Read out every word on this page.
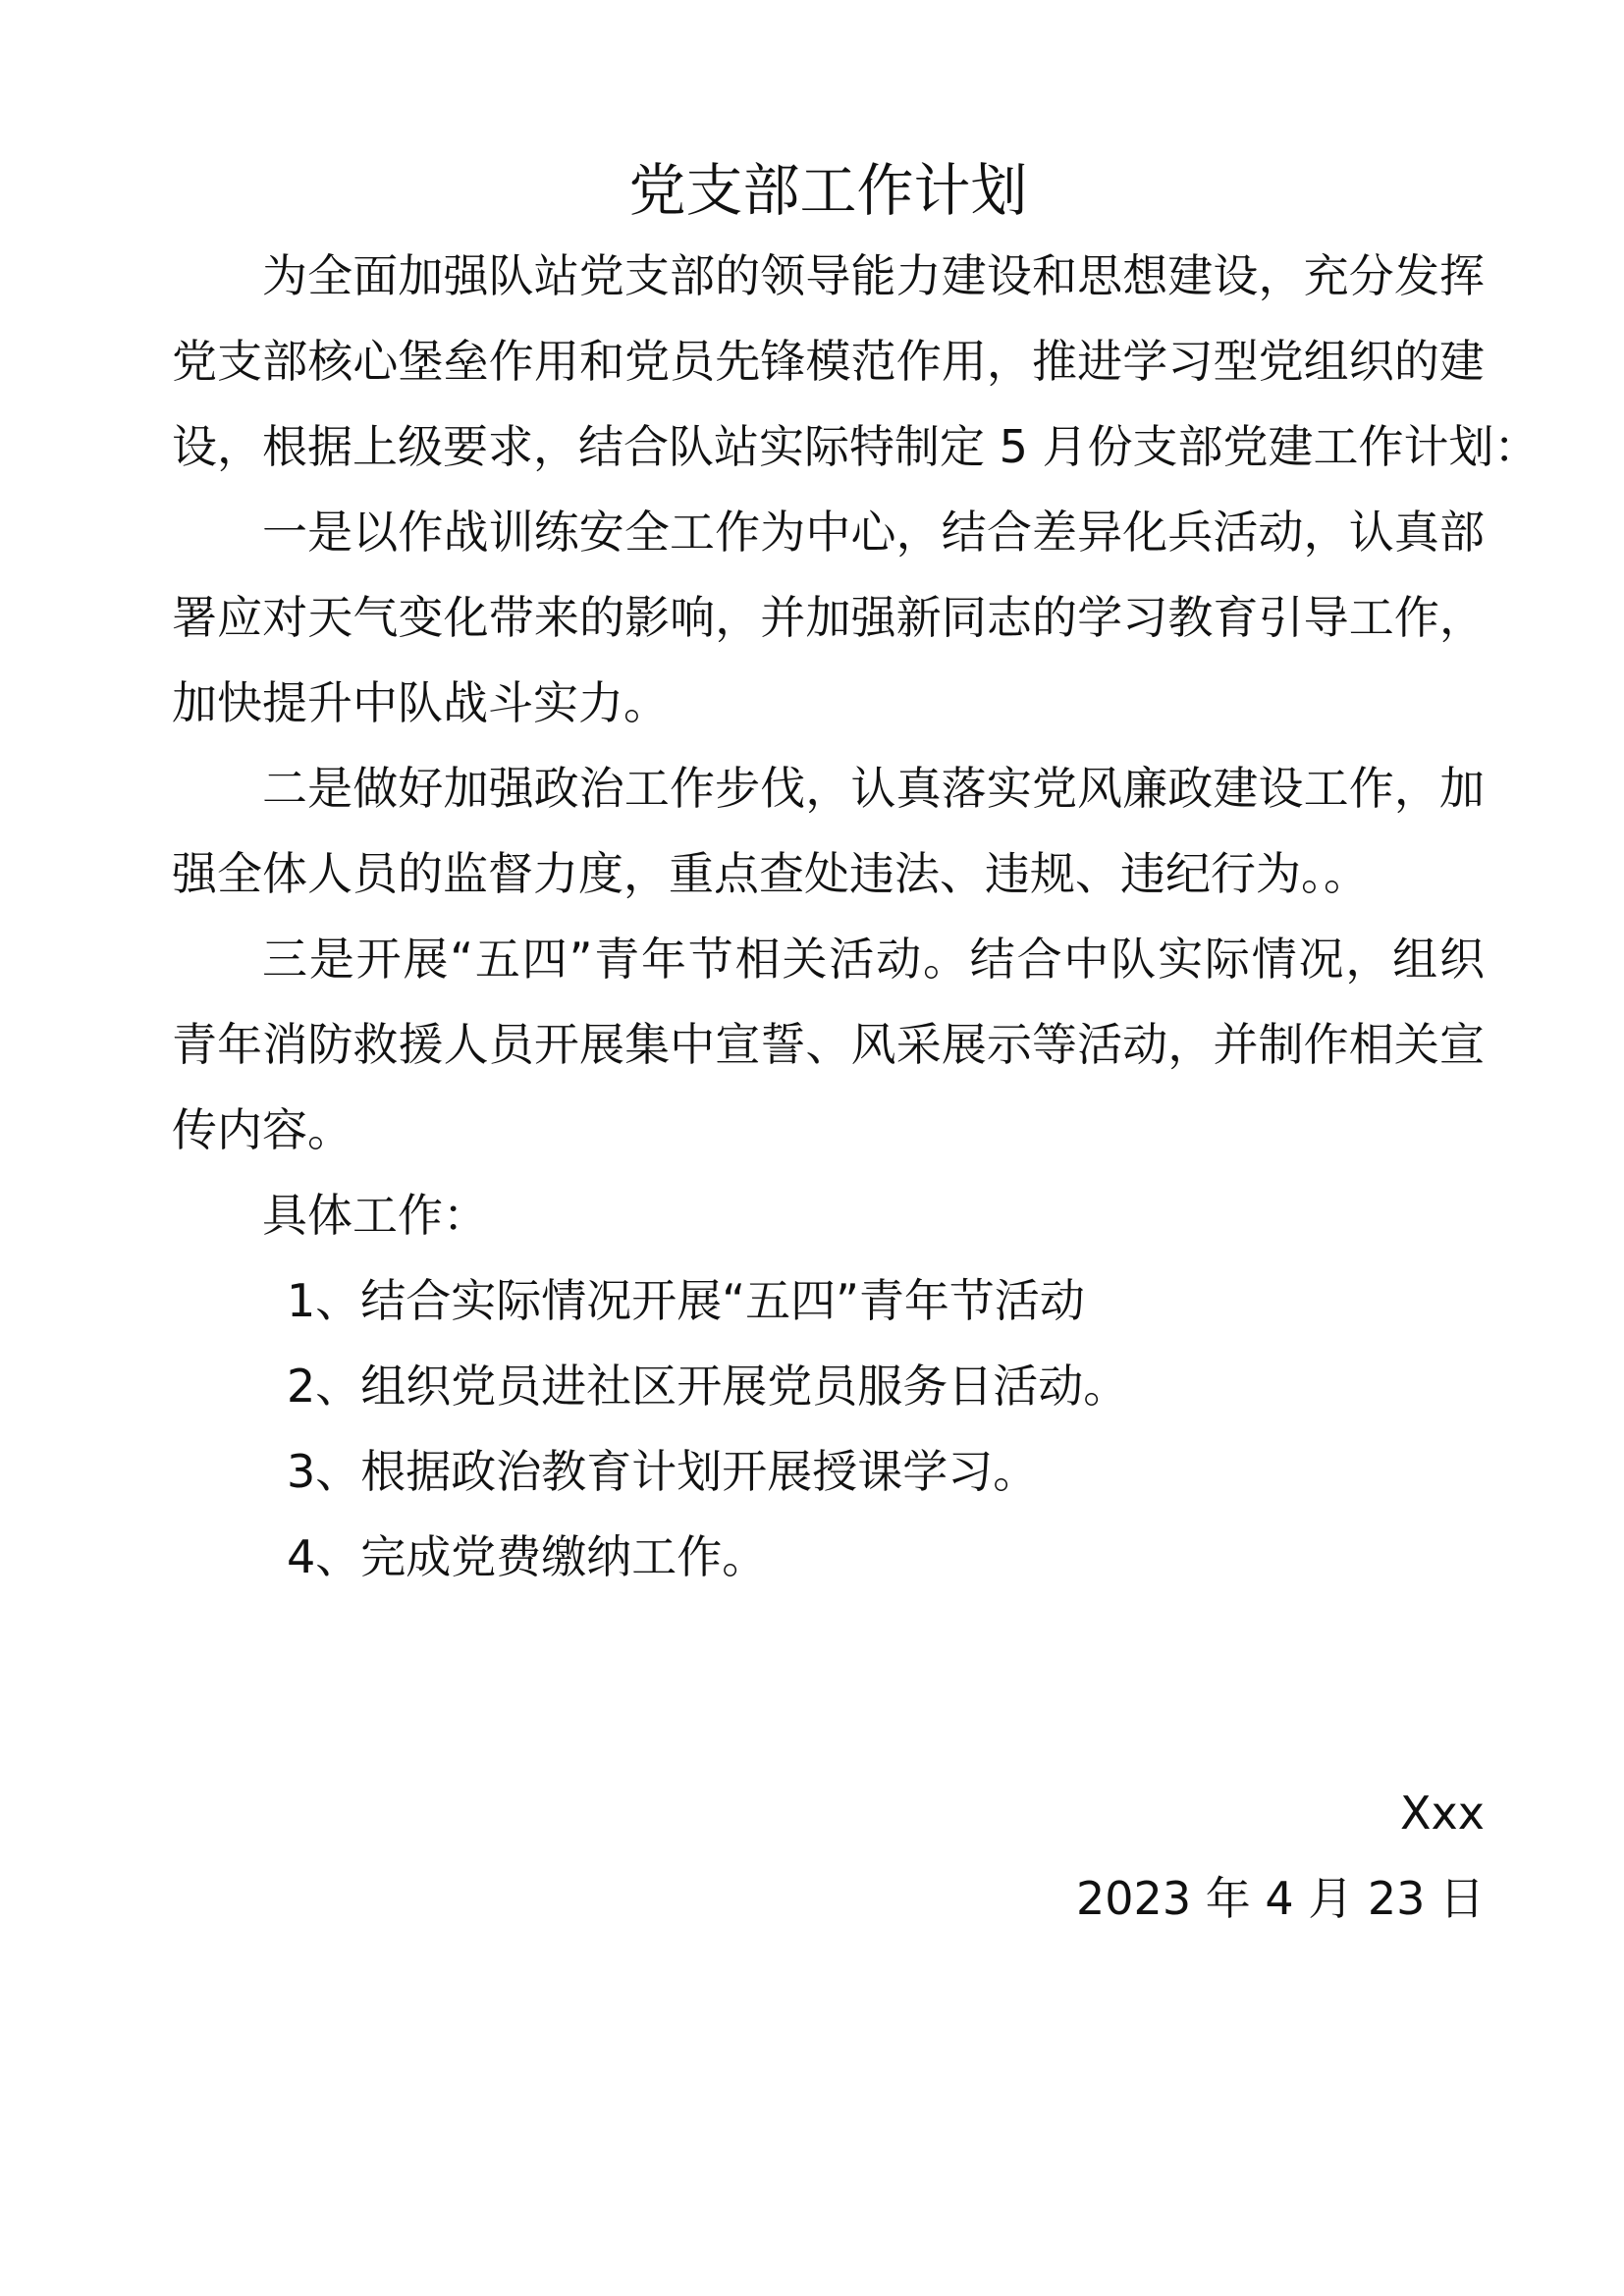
党支部工作计划
为全面加强队站党支部的领导能力建设和思想建设，充分发挥
党支部核心堡垒作用和党员先锋模范作用，推进学习型党组织的建
设，根据上级要求，结合队站实际特制定 5 月份支部党建工作计划：
一是以作战训练安全工作为中心，结合差异化兵活动，认真部
署应对天气变化带来的影响，并加强新同志的学习教育引导工作，
加快提升中队战斗实力。
二是做好加强政治工作步伐，认真落实党风廉政建设工作，加
强全体人员的监督力度，重点查处违法、违规、违纪行为。。
三是开展“五四”青年节相关活动。结合中队实际情况，组织
青年消防救援人员开展集中宣誓、风采展示等活动，并制作相关宣
传内容。
具体工作：
1、结合实际情况开展“五四”青年节活动
2、组织党员进社区开展党员服务日活动。
3、根据政治教育计划开展授课学习。
4、完成党费缴纳工作。
Xxx
2023 年 4 月 23 日
